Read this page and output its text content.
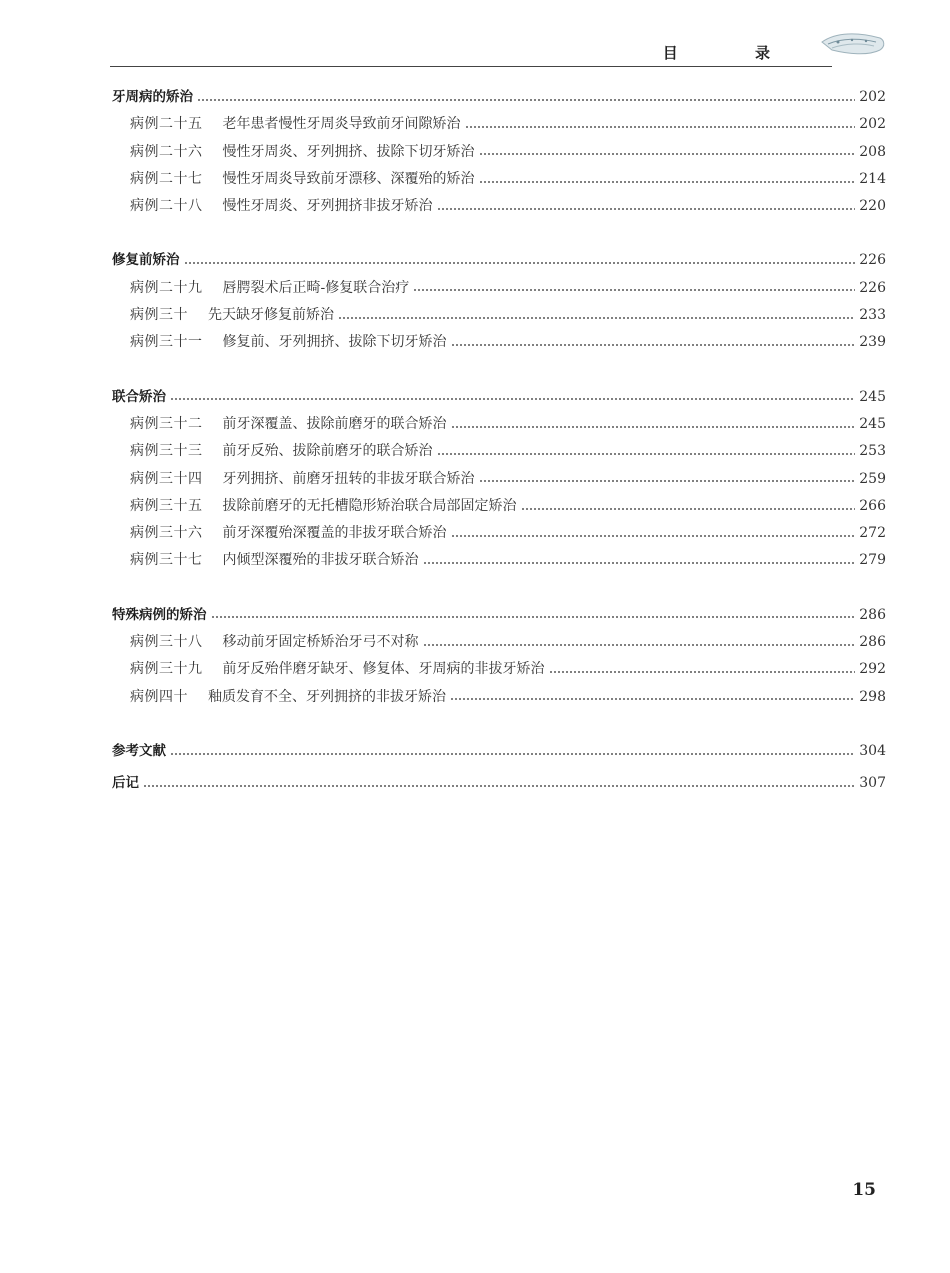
目 录
牙周病的矫治	202
病例二十五 老年患者慢性牙周炎导致前牙间隙矫治	202
病例二十六 慢性牙周炎、牙列拥挤、拔除下切牙矫治	208
病例二十七 慢性牙周炎导致前牙漂移、深覆殆的矫治	214
病例二十八 慢性牙周炎、牙列拥挤非拔牙矫治	220
修复前矫治	226
病例二十九 唇腭裂术后正畸-修复联合治疗	226
病例三十 先天缺牙修复前矫治	233
病例三十一 修复前、牙列拥挤、拔除下切牙矫治	239
联合矫治	245
病例三十二 前牙深覆盖、拔除前磨牙的联合矫治	245
病例三十三 前牙反殆、拔除前磨牙的联合矫治	253
病例三十四 牙列拥挤、前磨牙扭转的非拔牙联合矫治	259
病例三十五 拔除前磨牙的无托槽隐形矫治联合局部固定矫治	266
病例三十六 前牙深覆殆深覆盖的非拔牙联合矫治	272
病例三十七 内倾型深覆殆的非拔牙联合矫治	279
特殊病例的矫治	286
病例三十八 移动前牙固定桥矫治牙弓不对称	286
病例三十九 前牙反殆伴磨牙缺牙、修复体、牙周病的非拔牙矫治	292
病例四十 釉质发育不全、牙列拥挤的非拔牙矫治	298
参考文献	304
后记	307
15
